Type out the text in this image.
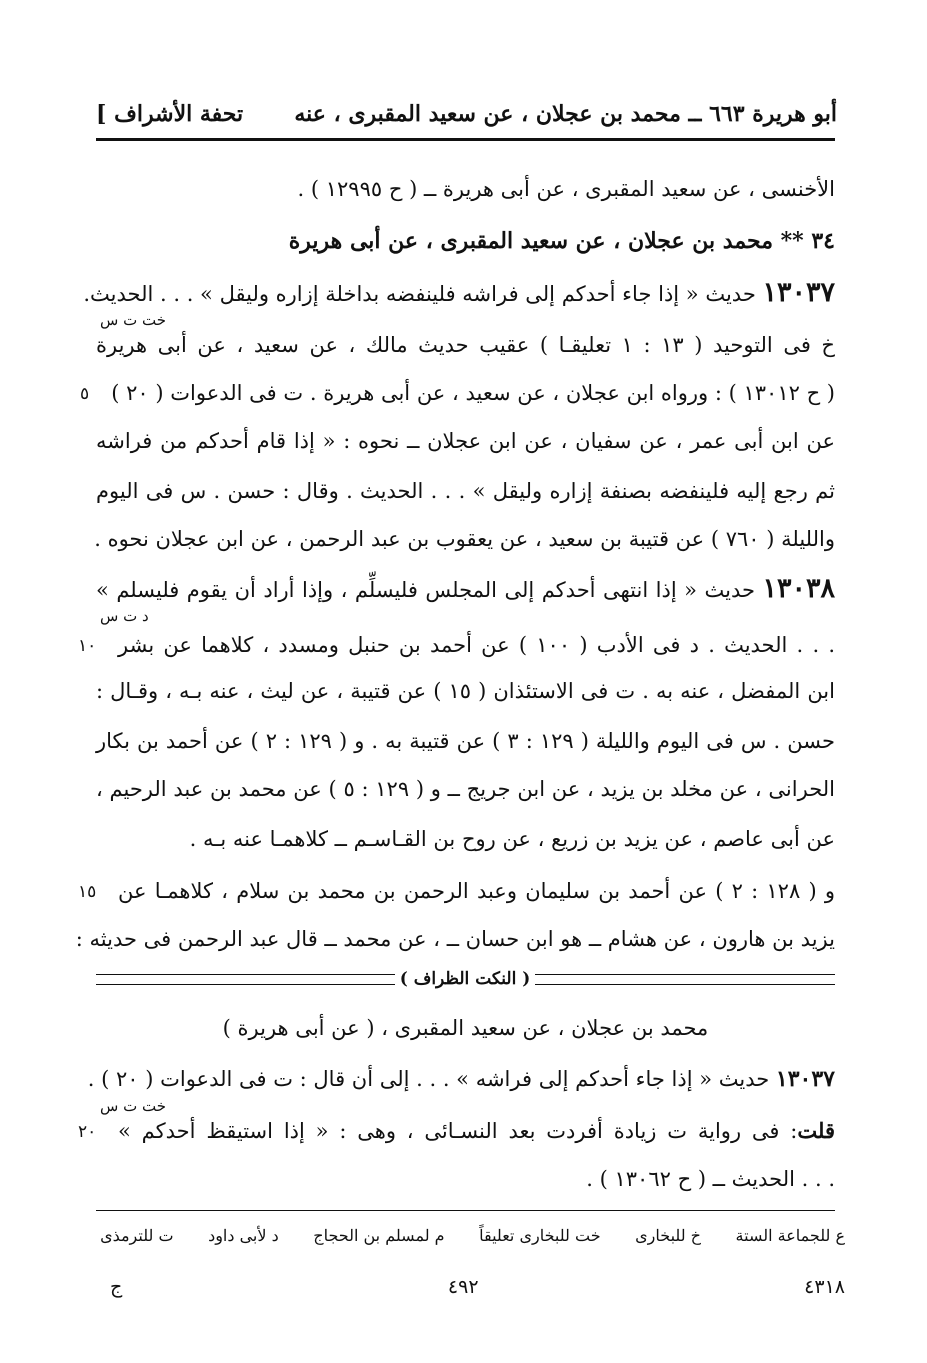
[ تحفة الأشراف أبو هريرة ٦٦٣ ــ محمد بن عجلان ، عن سعيد المقبرى ، عنه
الأخنسى ، عن سعيد المقبرى ، عن أبى هريرة ــ ( ح ١٢٩٩٥ ) .
٣٤ ** محمد بن عجلان ، عن سعيد المقبرى ، عن أبى هريرة
١٣٠٣٧ حديث « إذا جاء أحدكم إلى فراشه فلينفضه بداخلة إزاره وليقل » . . . الحديث.
خت ت س
خ فى التوحيد ( ١٣ : ١ تعليقـا ) عقيب حديث مالك ، عن سعيد ، عن أبى هريرة
( ح ١٣٠١٢ ) : ورواه ابن عجلان ، عن سعيد ، عن أبى هريرة . ت فى الدعوات ( ٢٠ )
٥
عن ابن أبى عمر ، عن سفيان ، عن ابن عجلان ــ نحوه : « إذا قام أحدكم من فراشه
ثم رجع إليه فلينفضه بصنفة إزاره وليقل » . . . الحديث . وقال : حسن . س فى اليوم
والليلة ( ٧٦٠ ) عن قتيبة بن سعيد ، عن يعقوب بن عبد الرحمن ، عن ابن عجلان نحوه .
١٣٠٣٨ حديث « إذا انتهى أحدكم إلى المجلس فليسلِّم ، وإذا أراد أن يقوم فليسلم »
د ت س
. . . الحديث . د فى الأدب ( ١٠٠ ) عن أحمد بن حنبل ومسدد ، كلاهما عن بشر
١٠
ابن المفضل ، عنه به . ت فى الاستئذان ( ١٥ ) عن قتيبة ، عن ليث ، عنه بـه ، وقـال :
حسن . س فى اليوم والليلة ( ١٢٩ : ٣ ) عن قتيبة به . و ( ١٢٩ : ٢ ) عن أحمد بن بكار
الحرانى ، عن مخلد بن يزيد ، عن ابن جريج ــ و ( ١٢٩ : ٥ ) عن محمد بن عبد الرحيم ،
عن أبى عاصم ، عن يزيد بن زريع ، عن روح بن القـاسـم ــ كلاهمـا عنه بـه .
و ( ١٢٨ : ٢ ) عن أحمد بن سليمان وعبد الرحمن بن محمد بن سلام ، كلاهمـا عن
١٥
يزيد بن هارون ، عن هشام ــ هو ابن حسان ــ ، عن محمد ــ قال عبد الرحمن فى حديثه :
( النكت الظراف )
محمد بن عجلان ، عن سعيد المقبرى ، ( عن أبى هريرة )
١٣٠٣٧ حديث « إذا جاء أحدكم إلى فراشه » . . . إلى أن قال : ت فى الدعوات ( ٢٠ ) .
خت ت س
قلت: فى رواية ت زيادة أفردت بعد النسـائى ، وهى : « إذا استيقظ أحدكم »
٢٠
. . . الحديث ــ ( ح ١٣٠٦٢ ) .
ع للجماعة الستة
خ للبخارى
خت للبخارى تعليقاً
م لمسلم بن الحجاج
د لأبى داود
ت للترمذى
ج	٤٩٢	٤٣١٨
